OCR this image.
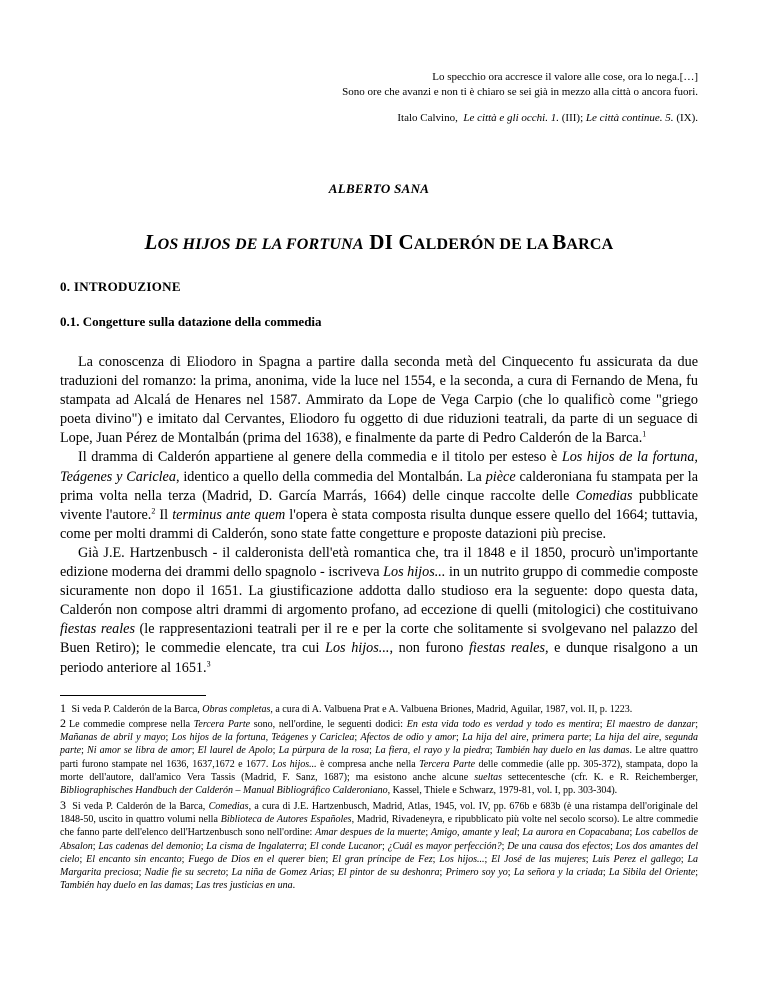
Lo specchio ora accresce il valore alle cose, ora lo nega.[…]
Sono ore che avanzi e non ti è chiaro se sei già in mezzo alla città o ancora fuori.
Italo Calvino, Le città e gli occhi. 1. (III); Le città continue. 5. (IX).
ALBERTO SANA
LOS HIJOS DE LA FORTUNA DI CALDERÓN DE LA BARCA
0. INTRODUZIONE
0.1. Congetture sulla datazione della commedia

La conoscenza di Eliodoro in Spagna a partire dalla seconda metà del Cinquecento fu assicurata da due traduzioni del romanzo: la prima, anonima, vide la luce nel 1554, e la seconda, a cura di Fernando de Mena, fu stampata ad Alcalá de Henares nel 1587. Ammirato da Lope de Vega Carpio (che lo qualificò come "griego poeta divino") e imitato dal Cervantes, Eliodoro fu oggetto di due riduzioni teatrali, da parte di un seguace di Lope, Juan Pérez de Montalbán (prima del 1638), e finalmente da parte di Pedro Calderón de la Barca.$^1$

Il dramma di Calderón appartiene al genere della commedia e il titolo per esteso è Los hijos de la fortuna, Teágenes y Cariclea, identico a quello della commedia del Montalbán. La pièce calderoniana fu stampata per la prima volta nella terza (Madrid, D. García Marrás, 1664) delle cinque raccolte delle Comedias pubblicate vivente l'autore.$^2$ Il terminus ante quem l'opera è stata composta risulta dunque essere quello del 1664; tuttavia, come per molti drammi di Calderón, sono state fatte congetture e proposte datazioni più precise.

Già J.E. Hartzenbusch - il calderonista dell'età romantica che, tra il 1848 e il 1850, procurò un'importante edizione moderna dei drammi dello spagnolo - iscriveva Los hijos... in un nutrito gruppo di commedie composte sicuramente non dopo il 1651. La giustificazione addotta dallo studioso era la seguente: dopo questa data, Calderón non compose altri drammi di argomento profano, ad eccezione di quelli (mitologici) che costituivano fiestas reales (le rappresentazioni teatrali per il re e per la corte che solitamente si svolgevano nel palazzo del Buen Retiro); le commedie elencate, tra cui Los hijos..., non furono fiestas reales, e dunque risalgono a un periodo anteriore al 1651.$^3$

1 Si veda P. Calderón de la Barca, Obras completas, a cura di A. Valbuena Prat e A. Valbuena Briones, Madrid, Aguilar, 1987, vol. II, p. 1223.

2 Le commedie comprese nella Tercera Parte sono, nell'ordine, le seguenti dodici: En esta vida todo es verdad y todo es mentira; El maestro de danzar; Mañanas de abril y mayo; Los hijos de la fortuna, Teágenes y Cariclea; Afectos de odio y amor; La hija del aire, primera parte; La hija del aire, segunda parte; Ni amor se libra de amor; El laurel de Apolo; La púrpura de la rosa; La fiera, el rayo y la piedra; También hay duelo en las damas. Le altre quattro parti furono stampate nel 1636, 1637,1672 e 1677. Los hijos... è compresa anche nella Tercera Parte delle commedie (alle pp. 305-372), stampata, dopo la morte dell'autore, dall'amico Vera Tassis (Madrid, F. Sanz, 1687); ma esistono anche alcune sueltas settecentesche (cfr. K. e R. Reichemberger, Bibliographisches Handbuch der Calderón – Manual Bibliográfico Calderoniano, Kassel, Thiele e Schwarz, 1979-81, vol. I, pp. 303-304).

3 Si veda P. Calderón de la Barca, Comedias, a cura di J.E. Hartzenbusch, Madrid, Atlas, 1945, vol. IV, pp. 676b e 683b (è una ristampa dell'originale del 1848-50, uscito in quattro volumi nella Biblioteca de Autores Españoles, Madrid, Rivadeneyra, e ripubblicato più volte nel secolo scorso). Le altre commedie che fanno parte dell'elenco dell'Hartzenbusch sono nell'ordine: Amar despues de la muerte; Amigo, amante y leal; La aurora en Copacabana; Los cabellos de Absalon; Las cadenas del demonio; La cisma de Ingalaterra; El conde Lucanor; ¿Cuál es mayor perfección?; De una causa dos efectos; Los dos amantes del cielo; El encanto sin encanto; Fuego de Dios en el querer bien; El gran príncipe de Fez; Los hijos...; El José de las mujeres; Luis Perez el gallego; La Margarita preciosa; Nadie fie su secreto; La niña de Gomez Arias; El pintor de su deshonra; Primero soy yo; La señora y la criada; La Sibila del Oriente; También hay duelo en las damas; Las tres justicias en una.
